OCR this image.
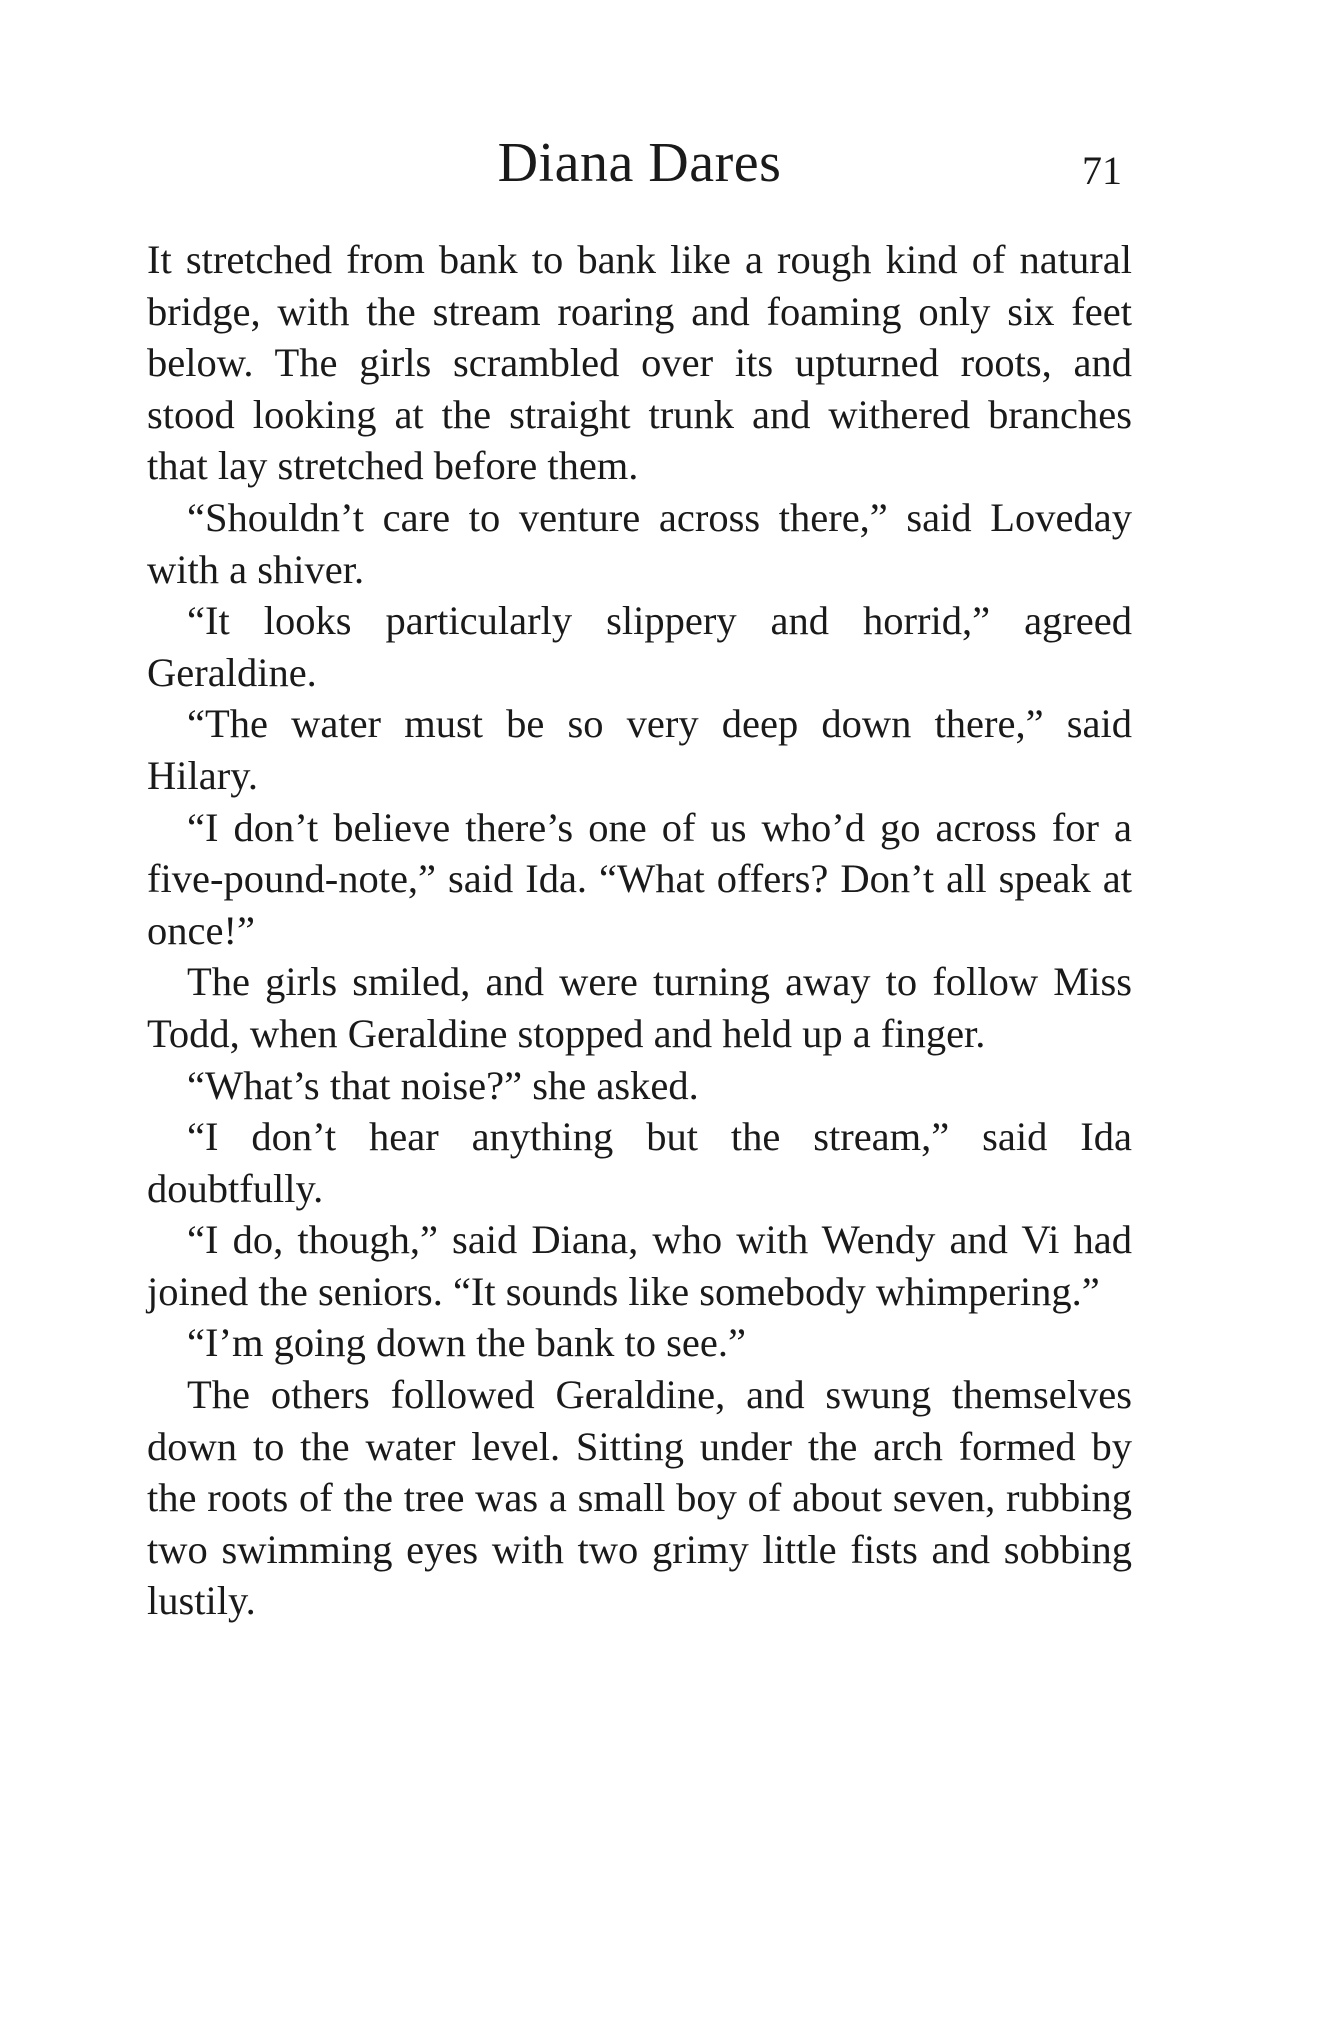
Diana Dares	71

It stretched from bank to bank like a rough kind of natural bridge, with the stream roaring and foaming only six feet below. The girls scrambled over its upturned roots, and stood looking at the straight trunk and withered branches that lay stretched before them.

“Shouldn’t care to venture across there,” said Loveday with a shiver.

“It looks particularly slippery and horrid,” agreed Geraldine.

“The water must be so very deep down there,” said Hilary.

“I don’t believe there’s one of us who’d go across for a five-pound-note,” said Ida. “What offers? Don’t all speak at once!”

The girls smiled, and were turning away to follow Miss Todd, when Geraldine stopped and held up a finger.

“What’s that noise?” she asked.

“I don’t hear anything but the stream,” said Ida doubtfully.

“I do, though,” said Diana, who with Wendy and Vi had joined the seniors. “It sounds like somebody whimpering.”

“I’m going down the bank to see.”

The others followed Geraldine, and swung themselves down to the water level. Sitting under the arch formed by the roots of the tree was a small boy of about seven, rubbing two swimming eyes with two grimy little fists and sobbing lustily.
